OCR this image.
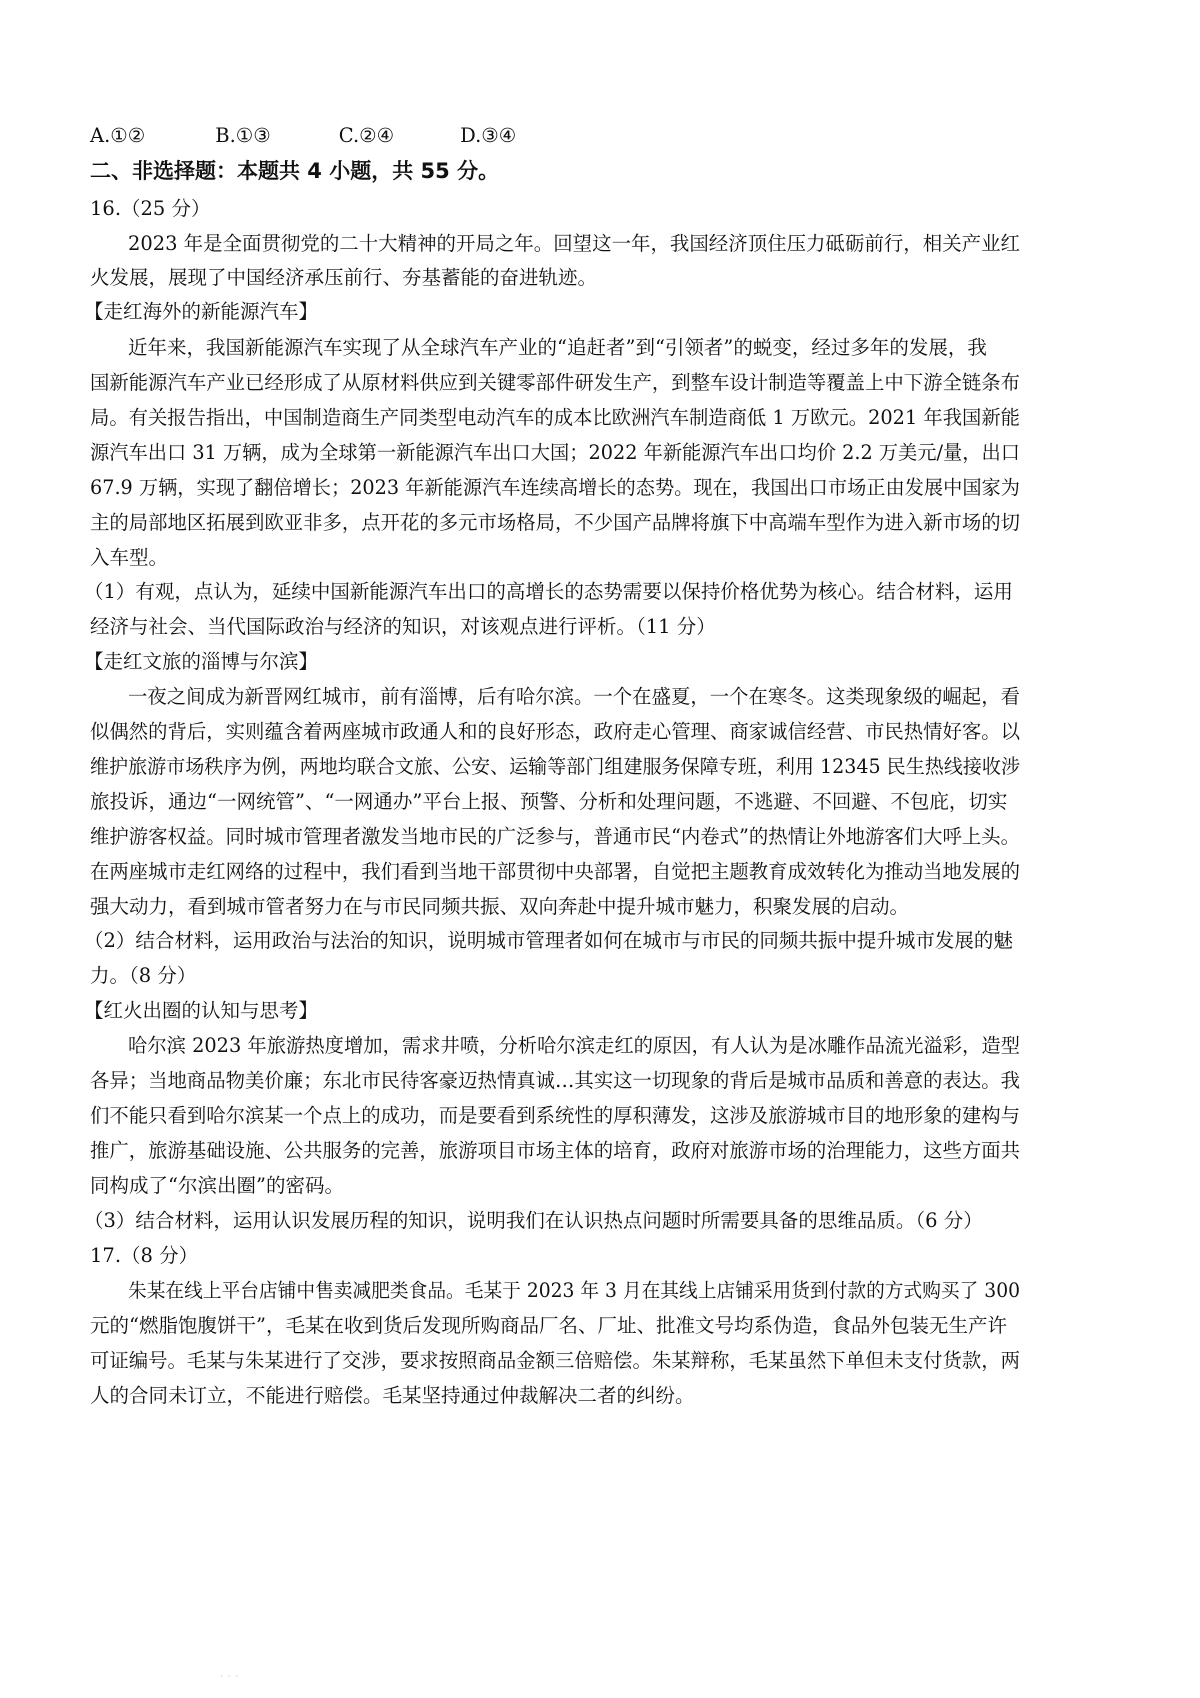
A.①②	B.①③	C.②④	D.③④
二、非选择题：本题共 4 小题，共 55 分。
16.（25 分）
2023 年是全面贯彻党的二十大精神的开局之年。回望这一年，我国经济顶住压力砥砺前行，相关产业红
火发展，展现了中国经济承压前行、夯基蓄能的奋进轨迹。
【走红海外的新能源汽车】
近年来，我国新能源汽车实现了从全球汽车产业的“追赶者”到“引领者”的蜕变，经过多年的发展，我
国新能源汽车产业已经形成了从原材料供应到关键零部件研发生产，到整车设计制造等覆盖上中下游全链条布
局。有关报告指出，中国制造商生产同类型电动汽车的成本比欧洲汽车制造商低 1 万欧元。2021 年我国新能
源汽车出口 31 万辆，成为全球第一新能源汽车出口大国；2022 年新能源汽车出口均价 2.2 万美元/量，出口
67.9 万辆，实现了翻倍增长；2023 年新能源汽车连续高增长的态势。现在，我国出口市场正由发展中国家为
主的局部地区拓展到欧亚非多，点开花的多元市场格局，不少国产品牌将旗下中高端车型作为进入新市场的切
入车型。
（1）有观，点认为，延续中国新能源汽车出口的高增长的态势需要以保持价格优势为核心。结合材料，运用
经济与社会、当代国际政治与经济的知识，对该观点进行评析。（11 分）
【走红文旅的淄博与尔滨】
一夜之间成为新晋网红城市，前有淄博，后有哈尔滨。一个在盛夏，一个在寒冬。这类现象级的崛起，看
似偶然的背后，实则蕴含着两座城市政通人和的良好形态，政府走心管理、商家诚信经营、市民热情好客。以
维护旅游市场秩序为例，两地均联合文旅、公安、运输等部门组建服务保障专班，利用 12345 民生热线接收涉
旅投诉，通边“一网统管”、“一网通办”平台上报、预警、分析和处理问题，不逃避、不回避、不包庇，切实
维护游客权益。同时城市管理者激发当地市民的广泛参与，普通市民“内卷式”的热情让外地游客们大呼上头。
在两座城市走红网络的过程中，我们看到当地干部贯彻中央部署，自觉把主题教育成效转化为推动当地发展的
强大动力，看到城市管者努力在与市民同频共振、双向奔赴中提升城市魅力，积聚发展的启动。
（2）结合材料，运用政治与法治的知识，说明城市管理者如何在城市与市民的同频共振中提升城市发展的魅
力。（8 分）
【红火出圈的认知与思考】
哈尔滨 2023 年旅游热度增加，需求井喷，分析哈尔滨走红的原因，有人认为是冰雕作品流光溢彩，造型
各异；当地商品物美价廉；东北市民待客豪迈热情真诚…其实这一切现象的背后是城市品质和善意的表达。我
们不能只看到哈尔滨某一个点上的成功，而是要看到系统性的厚积薄发，这涉及旅游城市目的地形象的建构与
推广，旅游基础设施、公共服务的完善，旅游项目市场主体的培育，政府对旅游市场的治理能力，这些方面共
同构成了“尔滨出圈”的密码。
（3）结合材料，运用认识发展历程的知识，说明我们在认识热点问题时所需要具备的思维品质。（6 分）
17.（8 分）
朱某在线上平台店铺中售卖减肥类食品。毛某于 2023 年 3 月在其线上店铺采用货到付款的方式购买了 300
元的“燃脂饱腹饼干”，毛某在收到货后发现所购商品厂名、厂址、批准文号均系伪造，食品外包装无生产许
可证编号。毛某与朱某进行了交涉，要求按照商品金额三倍赔偿。朱某辩称，毛某虽然下单但未支付货款，两
人的合同未订立，不能进行赔偿。毛某坚持通过仲裁解决二者的纠纷。
· · ·
